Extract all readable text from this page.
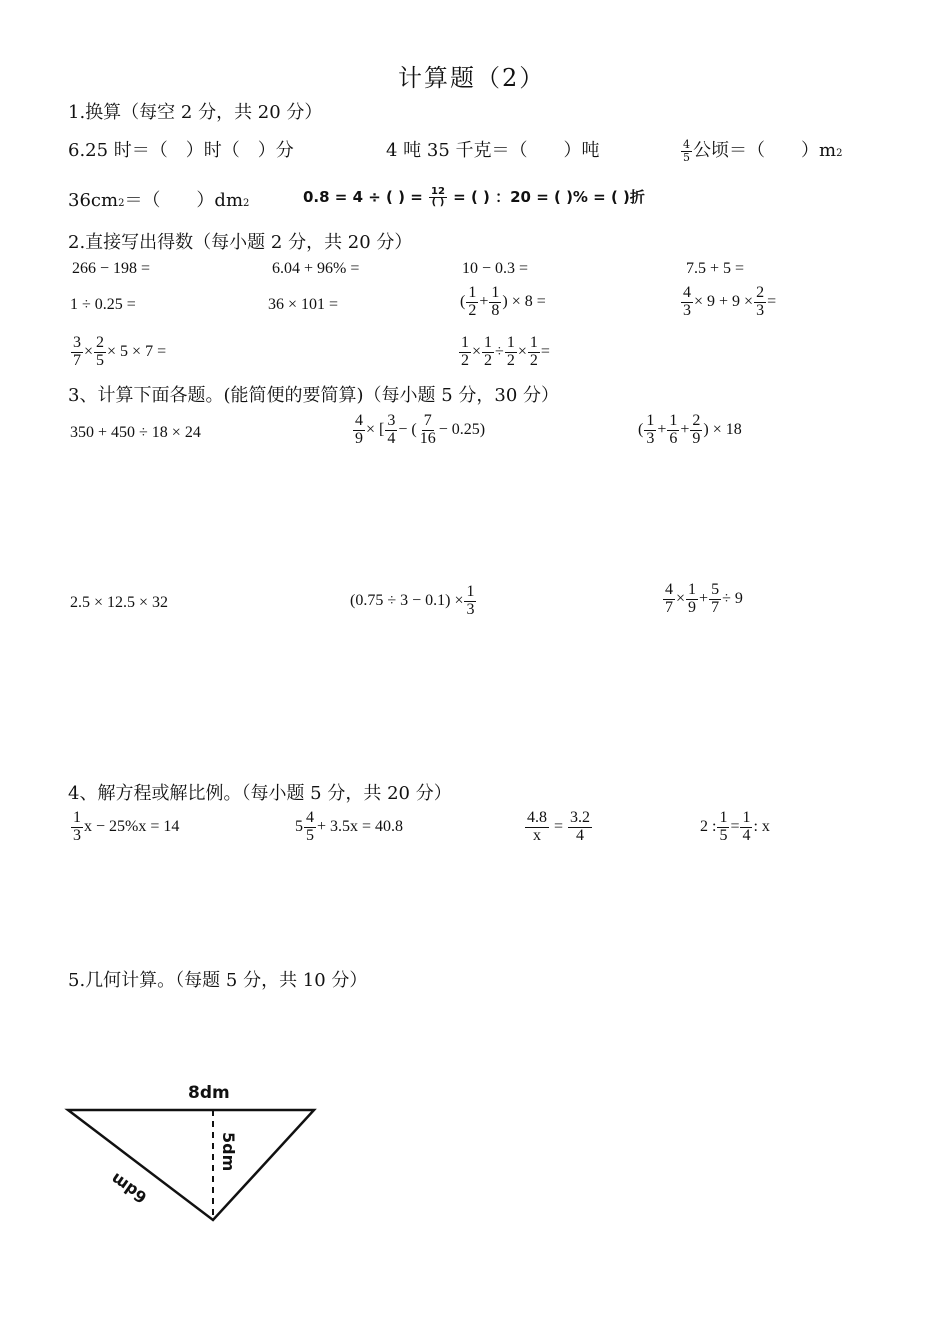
计算题（2）
1.换算（每空 2 分，共 20 分）
6.25 时＝（　）时（　）分	4 吨 35 千克＝（　　）吨	$\frac{4}{5}$ 公顷＝（　　）m2
36cm2＝（　　）dm2	0.8 = 4 ÷ ( ) = $\frac{12}{( )}$ = ( ) ：20 = ( )% = ( )折
2.直接写出得数（每小题 2 分，共 20 分）
266 − 198 =	6.04 + 96% =	10 − 0.3 =	7.5 + 5 =
1 ÷ 0.25 =	36 × 101 =	( $\frac{1}{2} + \frac{1}{8}$ ) × 8 =	$\frac{4}{3} \times 9 + 9 \times \frac{2}{3}$ =
$\frac{3}{7} \times \frac{2}{5} \times 5 \times 7$ =	$\frac{1}{2} \times \frac{1}{2} \div \frac{1}{2} \times \frac{1}{2}$ =
3、计算下面各题。(能简便的要简算)（每小题 5 分，30 分）
350 + 450 ÷ 18 × 24	$\frac{4}{9}$ × [ $\frac{3}{4}$ − ( $\frac{7}{16} - 0.25$)	( $\frac{1}{3} + \frac{1}{6} + \frac{2}{9}$ ) × 18
2.5 × 12.5 × 32	$(0.75 \div 3 - 0.1) \times \frac{1}{3}$	$\frac{4}{7} \times \frac{1}{9} + \frac{5}{7} \div 9$
4、解方程或解比例。（每小题 5 分，共 20 分）
$\frac{1}{3}$ x − 25%x = 14	$5 \frac{4}{5} + 3.5x = 40.8$	$\frac{4.8}{x} = \frac{3.2}{4}$	2 : $\frac{1}{5} = \frac{1}{4}$ : x
5.几何计算。（每题 5 分，共 10 分）
8dm
5dm
6dm
